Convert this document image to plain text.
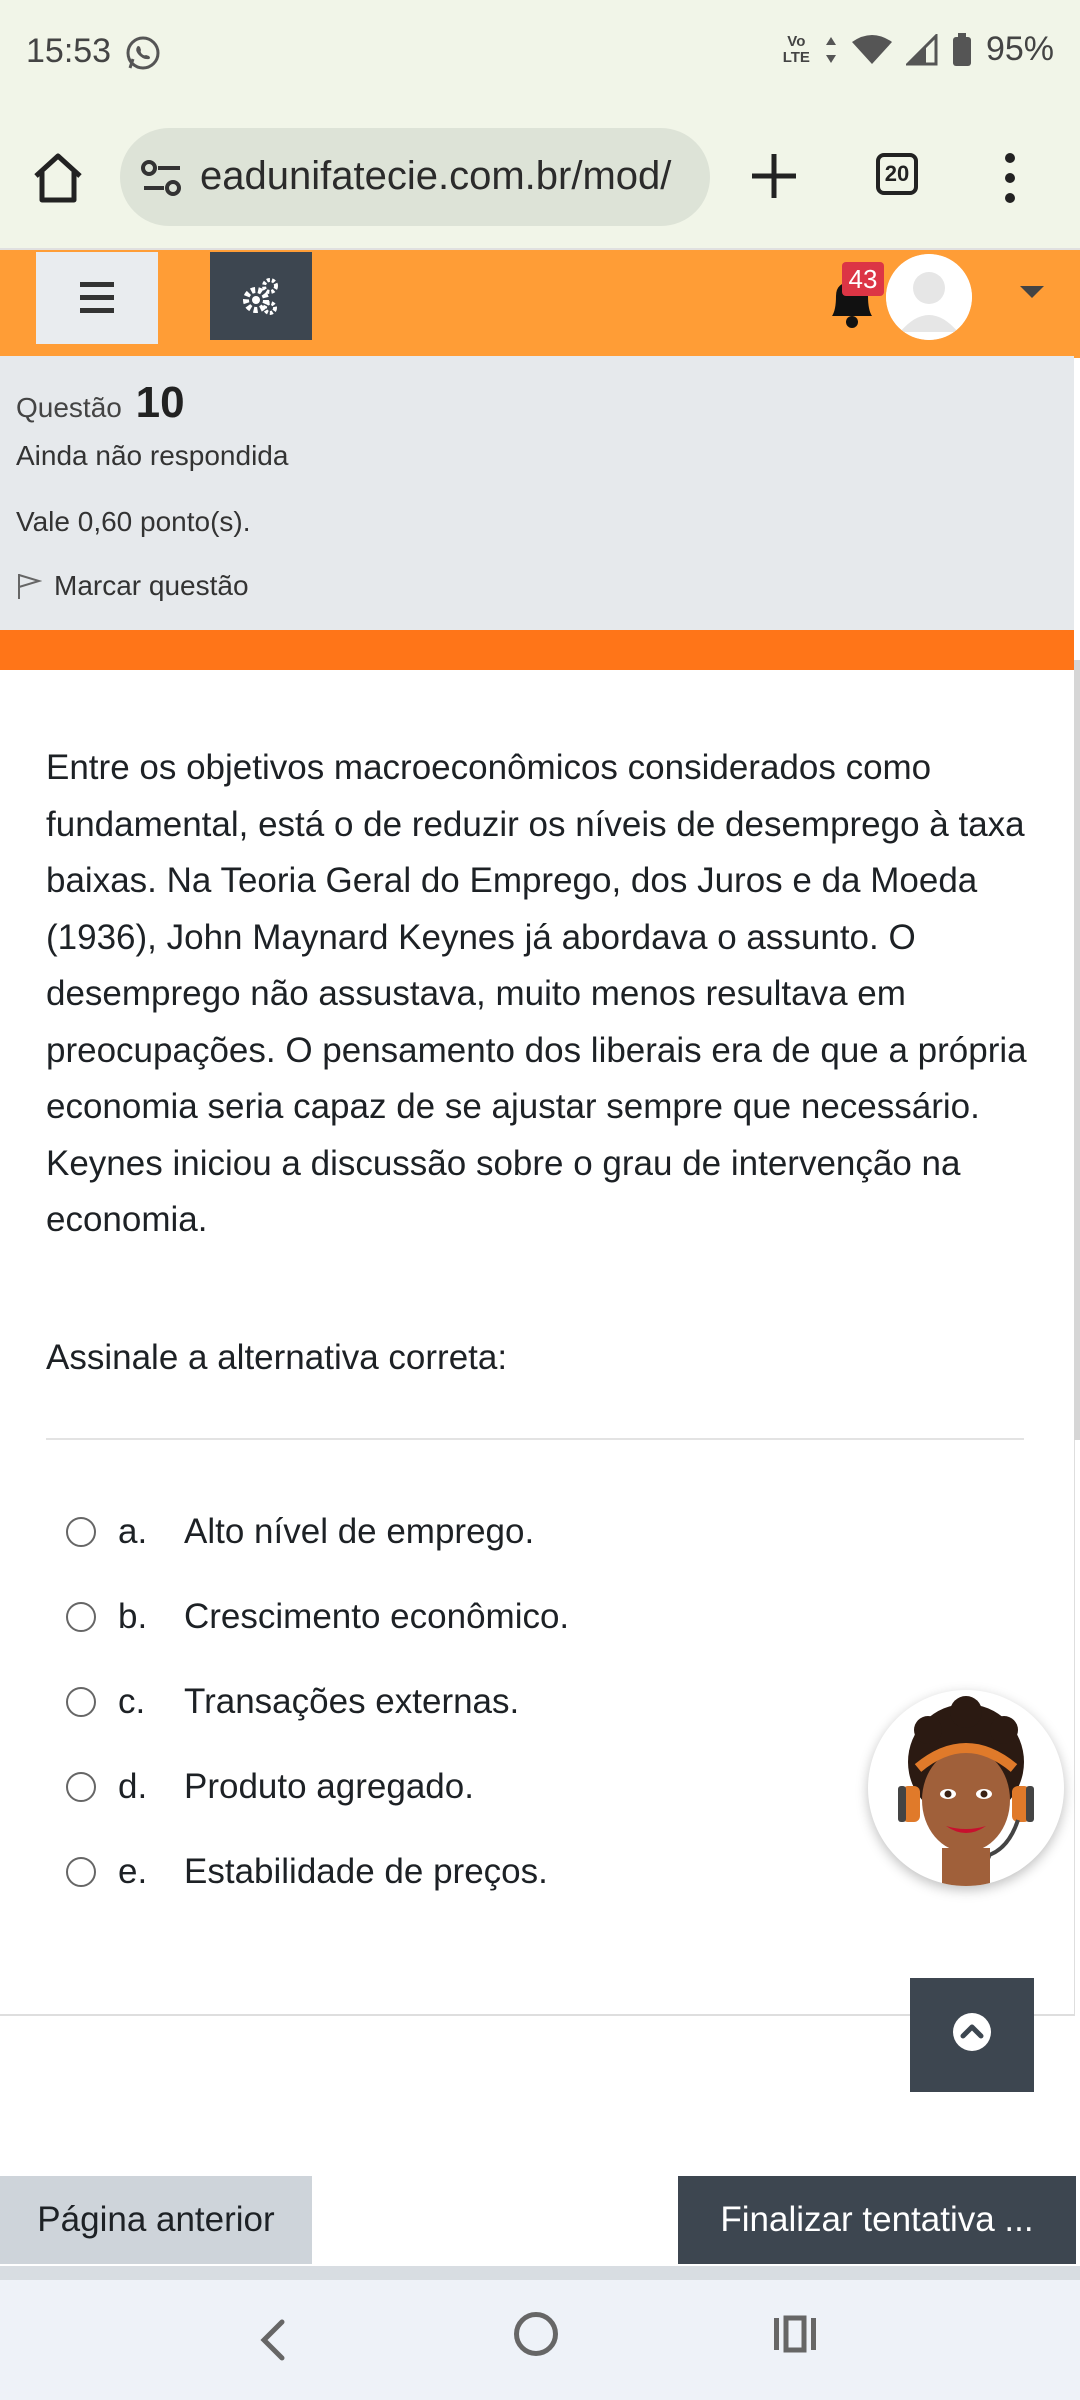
15:53	Vo
LTE	95%
eadunifatecie.com.br/mod/	20
43
Questão 10
Ainda não respondida
Vale 0,60 ponto(s).
Marcar questão

Entre os objetivos macroeconômicos considerados como fundamental, está o de reduzir os níveis de desemprego à taxa baixas. Na Teoria Geral do Emprego, dos Juros e da Moeda (1936), John Maynard Keynes já abordava o assunto. O desemprego não assustava, muito menos resultava em preocupações. O pensamento dos liberais era de que a própria economia seria capaz de se ajustar sempre que necessário. Keynes iniciou a discussão sobre o grau de intervenção na economia.

Assinale a alternativa correta:
a.	Alto nível de emprego.
b.	Crescimento econômico.
c.	Transações externas.
d.	Produto agregado.
e.	Estabilidade de preços.
Página anterior	Finalizar tentativa ...
